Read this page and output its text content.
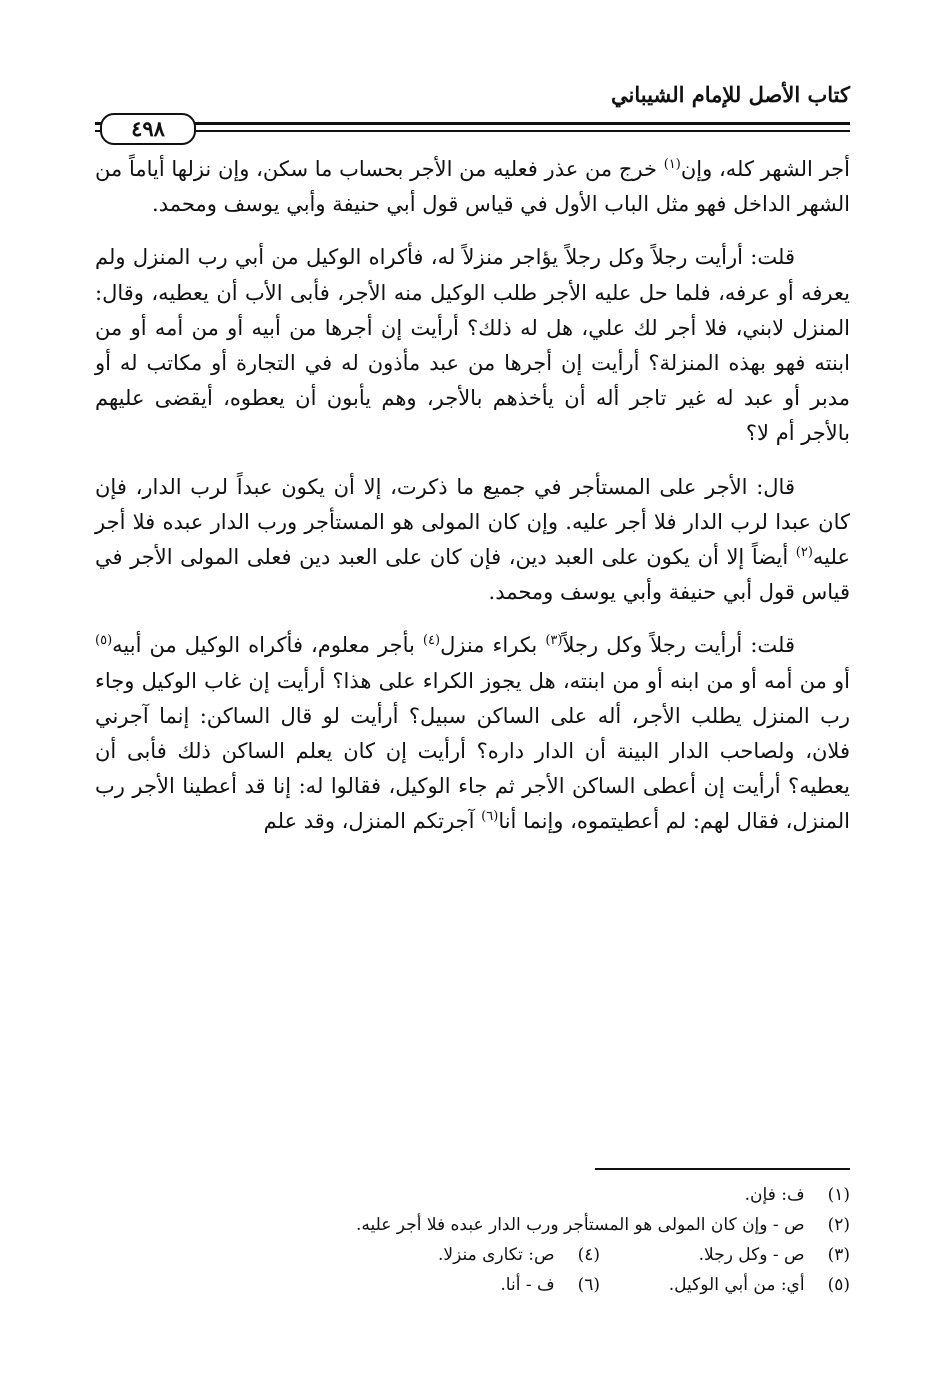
كتاب الأصل للإمام الشيباني
٤٩٨

أجر الشهر كله، وإن$^{(١)}$ خرج من عذر فعليه من الأجر بحساب ما سكن، وإن نزلها أياماً من الشهر الداخل فهو مثل الباب الأول في قياس قول أبي حنيفة وأبي يوسف ومحمد.

قلت: أرأيت رجلاً وكل رجلاً يؤاجر منزلاً له، فأكراه الوكيل من أبي رب المنزل ولم يعرفه أو عرفه، فلما حل عليه الأجر طلب الوكيل منه الأجر، فأبى الأب أن يعطيه، وقال: المنزل لابني، فلا أجر لك علي، هل له ذلك؟ أرأيت إن أجرها من أبيه أو من أمه أو من ابنته فهو بهذه المنزلة؟ أرأيت إن أجرها من عبد مأذون له في التجارة أو مكاتب له أو مدبر أو عبد له غير تاجر أله أن يأخذهم بالأجر، وهم يأبون أن يعطوه، أيقضى عليهم بالأجر أم لا؟

قال: الأجر على المستأجر في جميع ما ذكرت، إلا أن يكون عبداً لرب الدار، فإن كان عبدا لرب الدار فلا أجر عليه. وإن كان المولى هو المستأجر ورب الدار عبده فلا أجر عليه$^{(٢)}$ أيضاً إلا أن يكون على العبد دين، فإن كان على العبد دين فعلى المولى الأجر في قياس قول أبي حنيفة وأبي يوسف ومحمد.

قلت: أرأيت رجلاً وكل رجلاً$^{(٣)}$ بكراء منزل$^{(٤)}$ بأجر معلوم، فأكراه الوكيل من أبيه$^{(٥)}$ أو من أمه أو من ابنه أو من ابنته، هل يجوز الكراء على هذا؟ أرأيت إن غاب الوكيل وجاء رب المنزل يطلب الأجر، أله على الساكن سبيل؟ أرأيت لو قال الساكن: إنما آجرني فلان، ولصاحب الدار البينة أن الدار داره؟ أرأيت إن كان يعلم الساكن ذلك فأبى أن يعطيه؟ أرأيت إن أعطى الساكن الأجر ثم جاء الوكيل، فقالوا له: إنا قد أعطينا الأجر رب المنزل، فقال لهم: لم أعطيتموه، وإنما أنا$^{(٦)}$ آجرتكم المنزل، وقد علم

(١) ف: فإن.
(٢) ص - وإن كان المولى هو المستأجر ورب الدار عبده فلا أجر عليه.
(٣) ص - وكل رجلا.
(٤) ص: تكارى منزلا.
(٥) أي: من أبي الوكيل.
(٦) ف - أنا.
